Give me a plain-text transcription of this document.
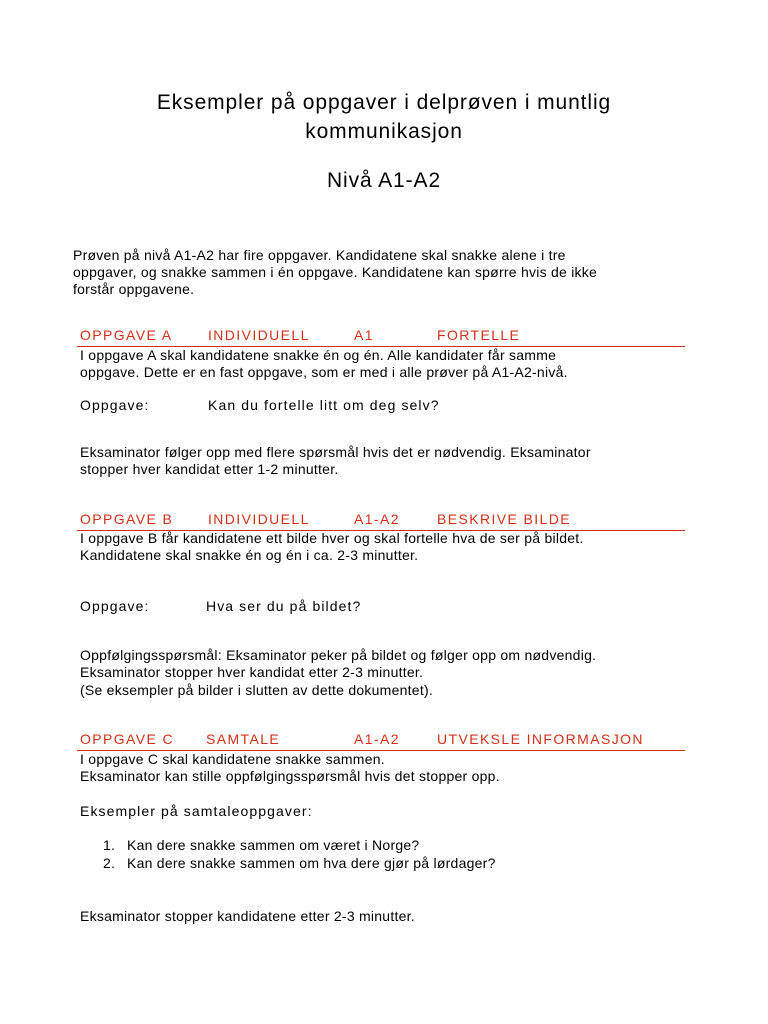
Eksempler på oppgaver i delprøven i muntlig
kommunikasjon
Nivå A1-A2
Prøven på nivå A1-A2 har fire oppgaver. Kandidatene skal snakke alene i tre
oppgaver, og snakke sammen i én oppgave. Kandidatene kan spørre hvis de ikke
forstår oppgavene.
OPPGAVE A	INDIVIDUELL	A1	FORTELLE
I oppgave A skal kandidatene snakke én og én. Alle kandidater får samme
oppgave. Dette er en fast oppgave, som er med i alle prøver på A1-A2-nivå.
Oppgave:	Kan du fortelle litt om deg selv?
Eksaminator følger opp med flere spørsmål hvis det er nødvendig. Eksaminator
stopper hver kandidat etter 1-2 minutter.
OPPGAVE B INDIVIDUELL	A1-A2	BESKRIVE BILDE
I oppgave B får kandidatene ett bilde hver og skal fortelle hva de ser på bildet.
Kandidatene skal snakke én og én i ca. 2-3 minutter.
Oppgave:	Hva ser du på bildet?
Oppfølgingsspørsmål: Eksaminator peker på bildet og følger opp om nødvendig.
Eksaminator stopper hver kandidat etter 2-3 minutter.
(Se eksempler på bilder i slutten av dette dokumentet).
OPPGAVE C SAMTALE	A1-A2	UTVEKSLE INFORMASJON
I oppgave C skal kandidatene snakke sammen.
Eksaminator kan stille oppfølgingsspørsmål hvis det stopper opp.
Eksempler på samtaleoppgaver:
1. Kan dere snakke sammen om været i Norge?
2. Kan dere snakke sammen om hva dere gjør på lørdager?
Eksaminator stopper kandidatene etter 2-3 minutter.
